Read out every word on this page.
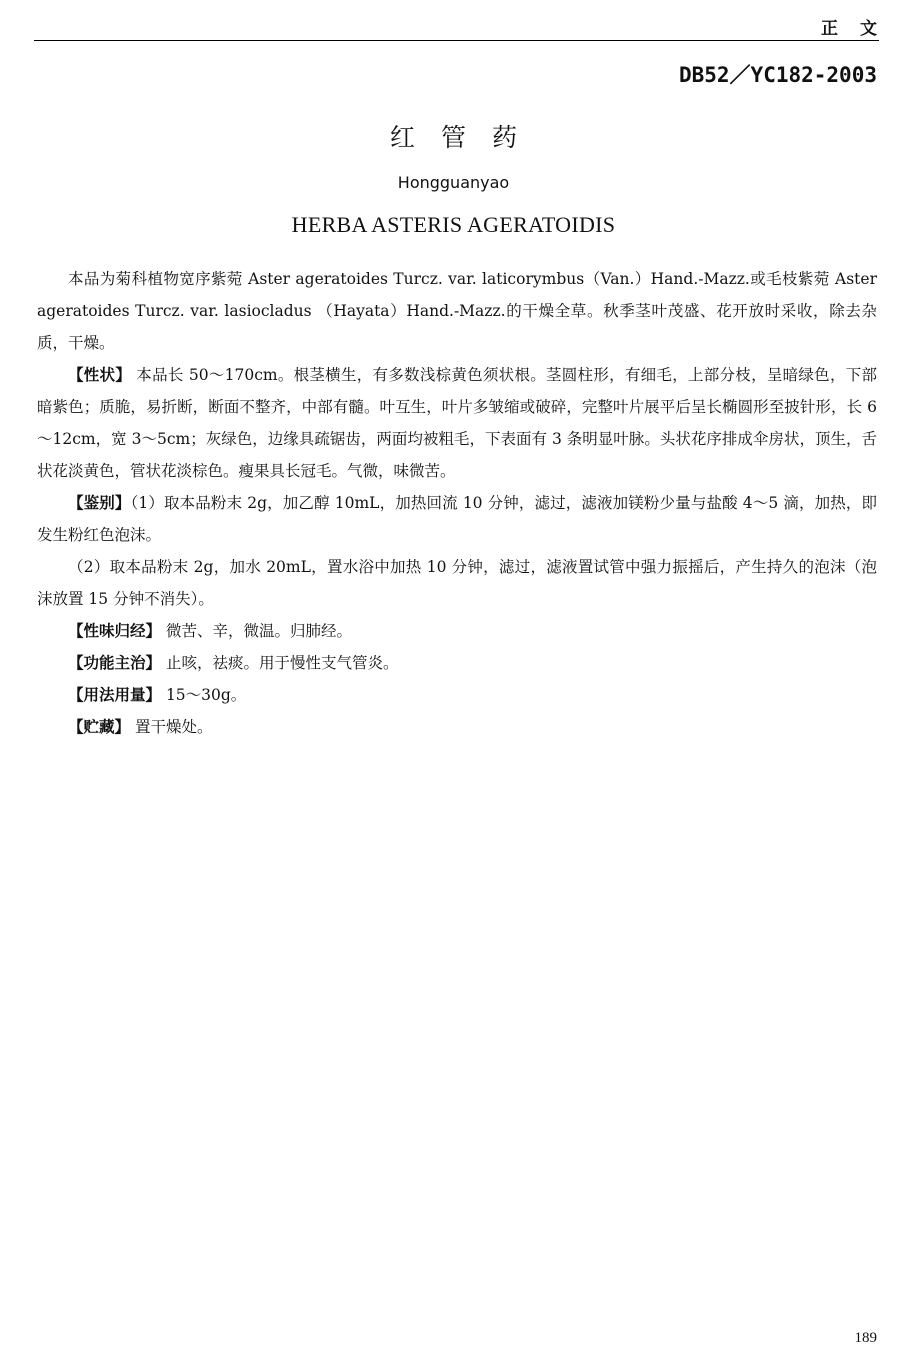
正文
DB52／YC182-2003
红管药
Hongguanyao
HERBA ASTERIS AGERATOIDIS

本品为菊科植物宽序紫菀 Aster ageratoides Turcz. var. laticorymbus（Van.）Hand.-Mazz.或毛枝紫菀 Aster ageratoides Turcz. var. lasiocladus （Hayata）Hand.-Mazz.的干燥全草。秋季茎叶茂盛、花开放时采收，除去杂质，干燥。

【性状】 本品长 50～170cm。根茎横生，有多数浅棕黄色须状根。茎圆柱形，有细毛，上部分枝，呈暗绿色，下部暗紫色；质脆，易折断，断面不整齐，中部有髓。叶互生，叶片多皱缩或破碎，完整叶片展平后呈长椭圆形至披针形，长 6～12cm，宽 3～5cm；灰绿色，边缘具疏锯齿，两面均被粗毛，下表面有 3 条明显叶脉。头状花序排成伞房状，顶生，舌状花淡黄色，管状花淡棕色。瘦果具长冠毛。气微，味微苦。

【鉴别】（1）取本品粉末 2g，加乙醇 10mL，加热回流 10 分钟，滤过，滤液加镁粉少量与盐酸 4～5 滴，加热，即发生粉红色泡沫。

（2）取本品粉末 2g，加水 20mL，置水浴中加热 10 分钟，滤过，滤液置试管中强力振摇后，产生持久的泡沫（泡沫放置 15 分钟不消失）。

【性味归经】 微苦、辛，微温。归肺经。

【功能主治】 止咳，祛痰。用于慢性支气管炎。

【用法用量】 15～30g。

【贮藏】 置干燥处。

189
